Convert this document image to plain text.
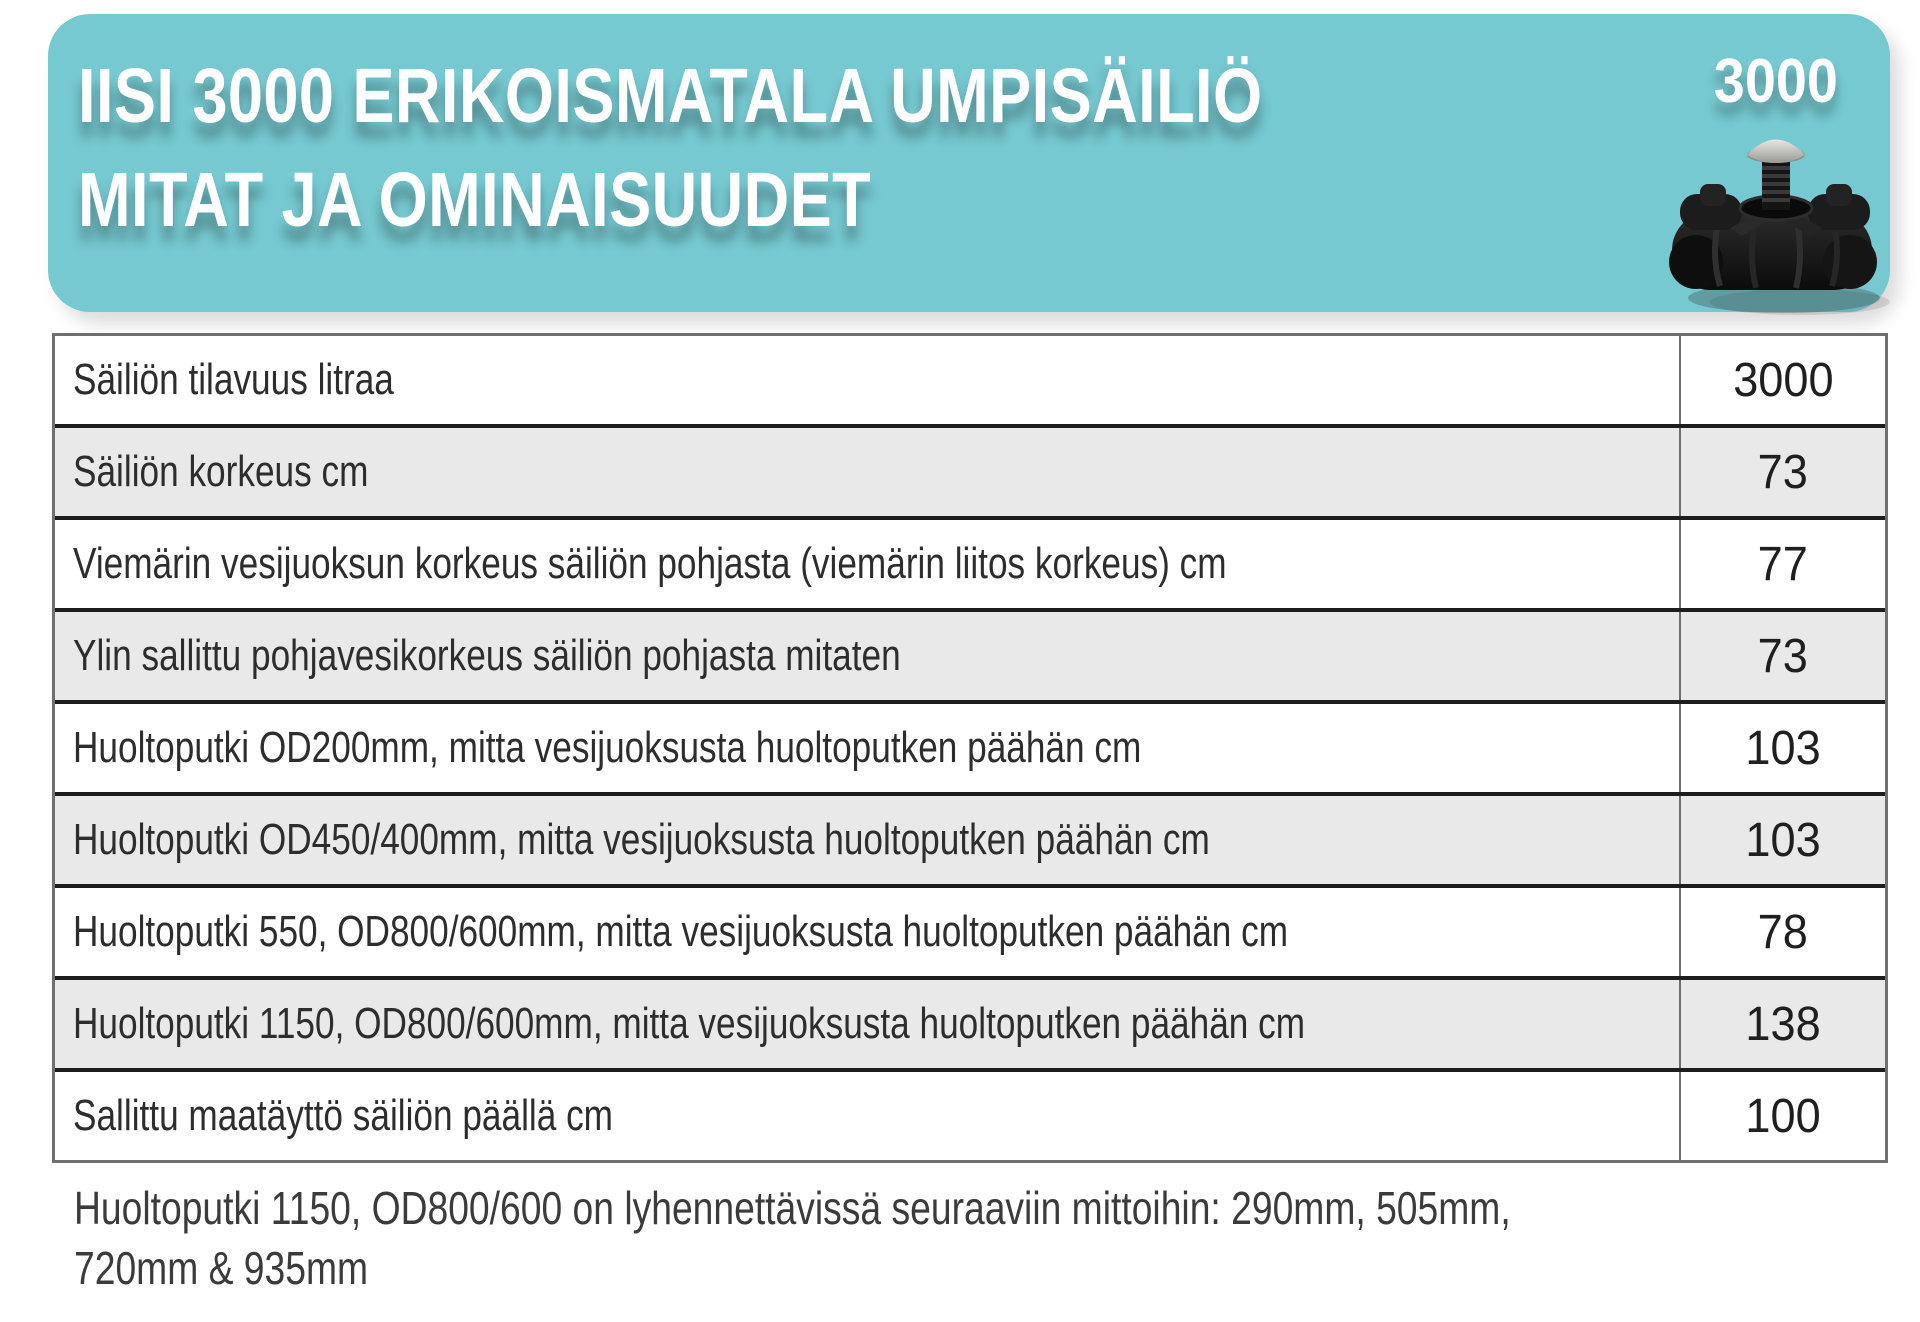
IISI 3000 ERIKOISMATALA UMPISÄILIÖ
MITAT JA OMINAISUUDET
3000
Säiliön tilavuus litraa	3000
Säiliön korkeus cm	73
Viemärin vesijuoksun korkeus säiliön pohjasta (viemärin liitos korkeus) cm	77
Ylin sallittu pohjavesikorkeus säiliön pohjasta mitaten	73
Huoltoputki OD200mm, mitta vesijuoksusta huoltoputken päähän cm	103
Huoltoputki OD450/400mm, mitta vesijuoksusta huoltoputken päähän cm	103
Huoltoputki 550, OD800/600mm, mitta vesijuoksusta huoltoputken päähän cm	78
Huoltoputki 1150, OD800/600mm, mitta vesijuoksusta huoltoputken päähän cm	138
Sallittu maatäyttö säiliön päällä cm	100
Huoltoputki 1150, OD800/600 on lyhennettävissä seuraaviin mittoihin: 290mm, 505mm,
720mm & 935mm
